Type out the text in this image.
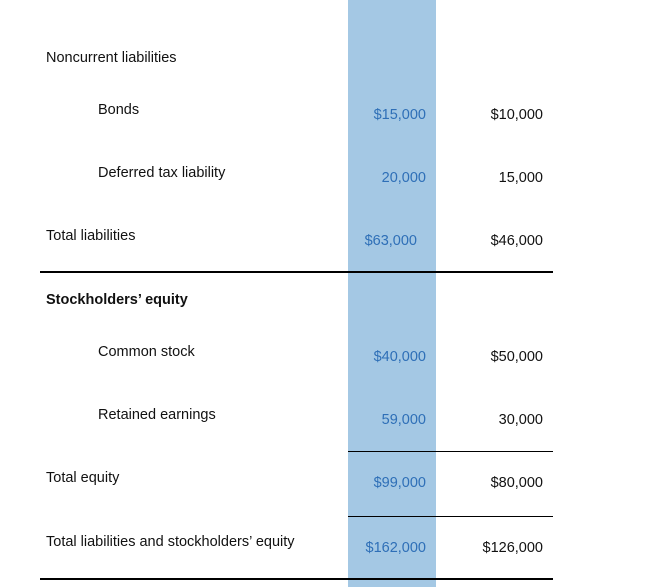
Noncurrent liabilities
Bonds	$15,000	$10,000
Deferred tax liability	20,000	15,000
Total liabilities	$63,000	$46,000
Stockholders’ equity
Common stock	$40,000	$50,000
Retained earnings	59,000	30,000
Total equity	$99,000	$80,000
Total liabilities and stockholders’ equity	$162,000	$126,000
